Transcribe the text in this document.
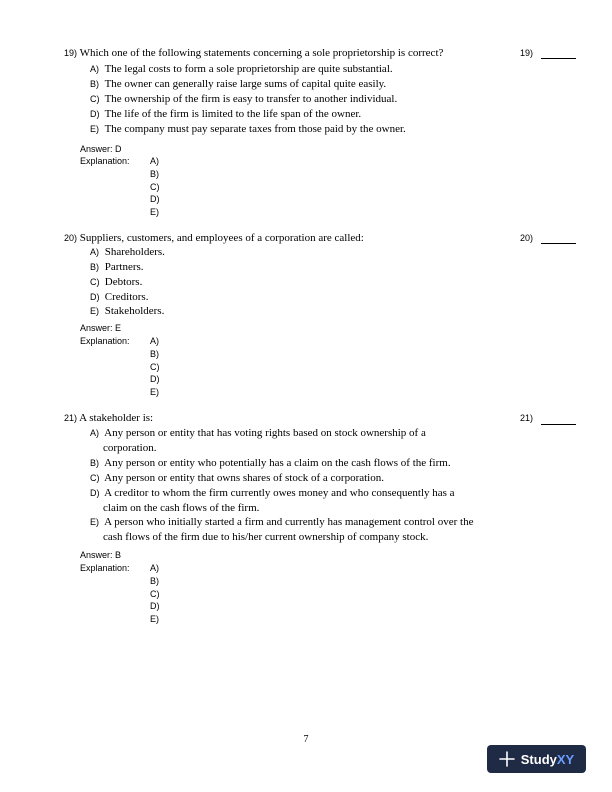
19) Which one of the following statements concerning a sole proprietorship is correct?	19)
A) The legal costs to form a sole proprietorship are quite substantial.
B) The owner can generally raise large sums of capital quite easily.
C) The ownership of the firm is easy to transfer to another individual.
D) The life of the firm is limited to the life span of the owner.
E) The company must pay separate taxes from those paid by the owner.
Answer: D
Explanation: A)
B)
C)
D)
E)
20) Suppliers, customers, and employees of a corporation are called:	20)
A) Shareholders.
B) Partners.
C) Debtors.
D) Creditors.
E) Stakeholders.
Answer: E
Explanation: A)
B)
C)
D)
E)
21) A stakeholder is:	21)
A) Any person or entity that has voting rights based on stock ownership of a
corporation.
B) Any person or entity who potentially has a claim on the cash flows of the firm.
C) Any person or entity that owns shares of stock of a corporation.
D) A creditor to whom the firm currently owes money and who consequently has a
claim on the cash flows of the firm.
E) A person who initially started a firm and currently has management control over the
cash flows of the firm due to his/her current ownership of company stock.
Answer: B
Explanation: A)
B)
C)
D)
E)
7
StudyXY
